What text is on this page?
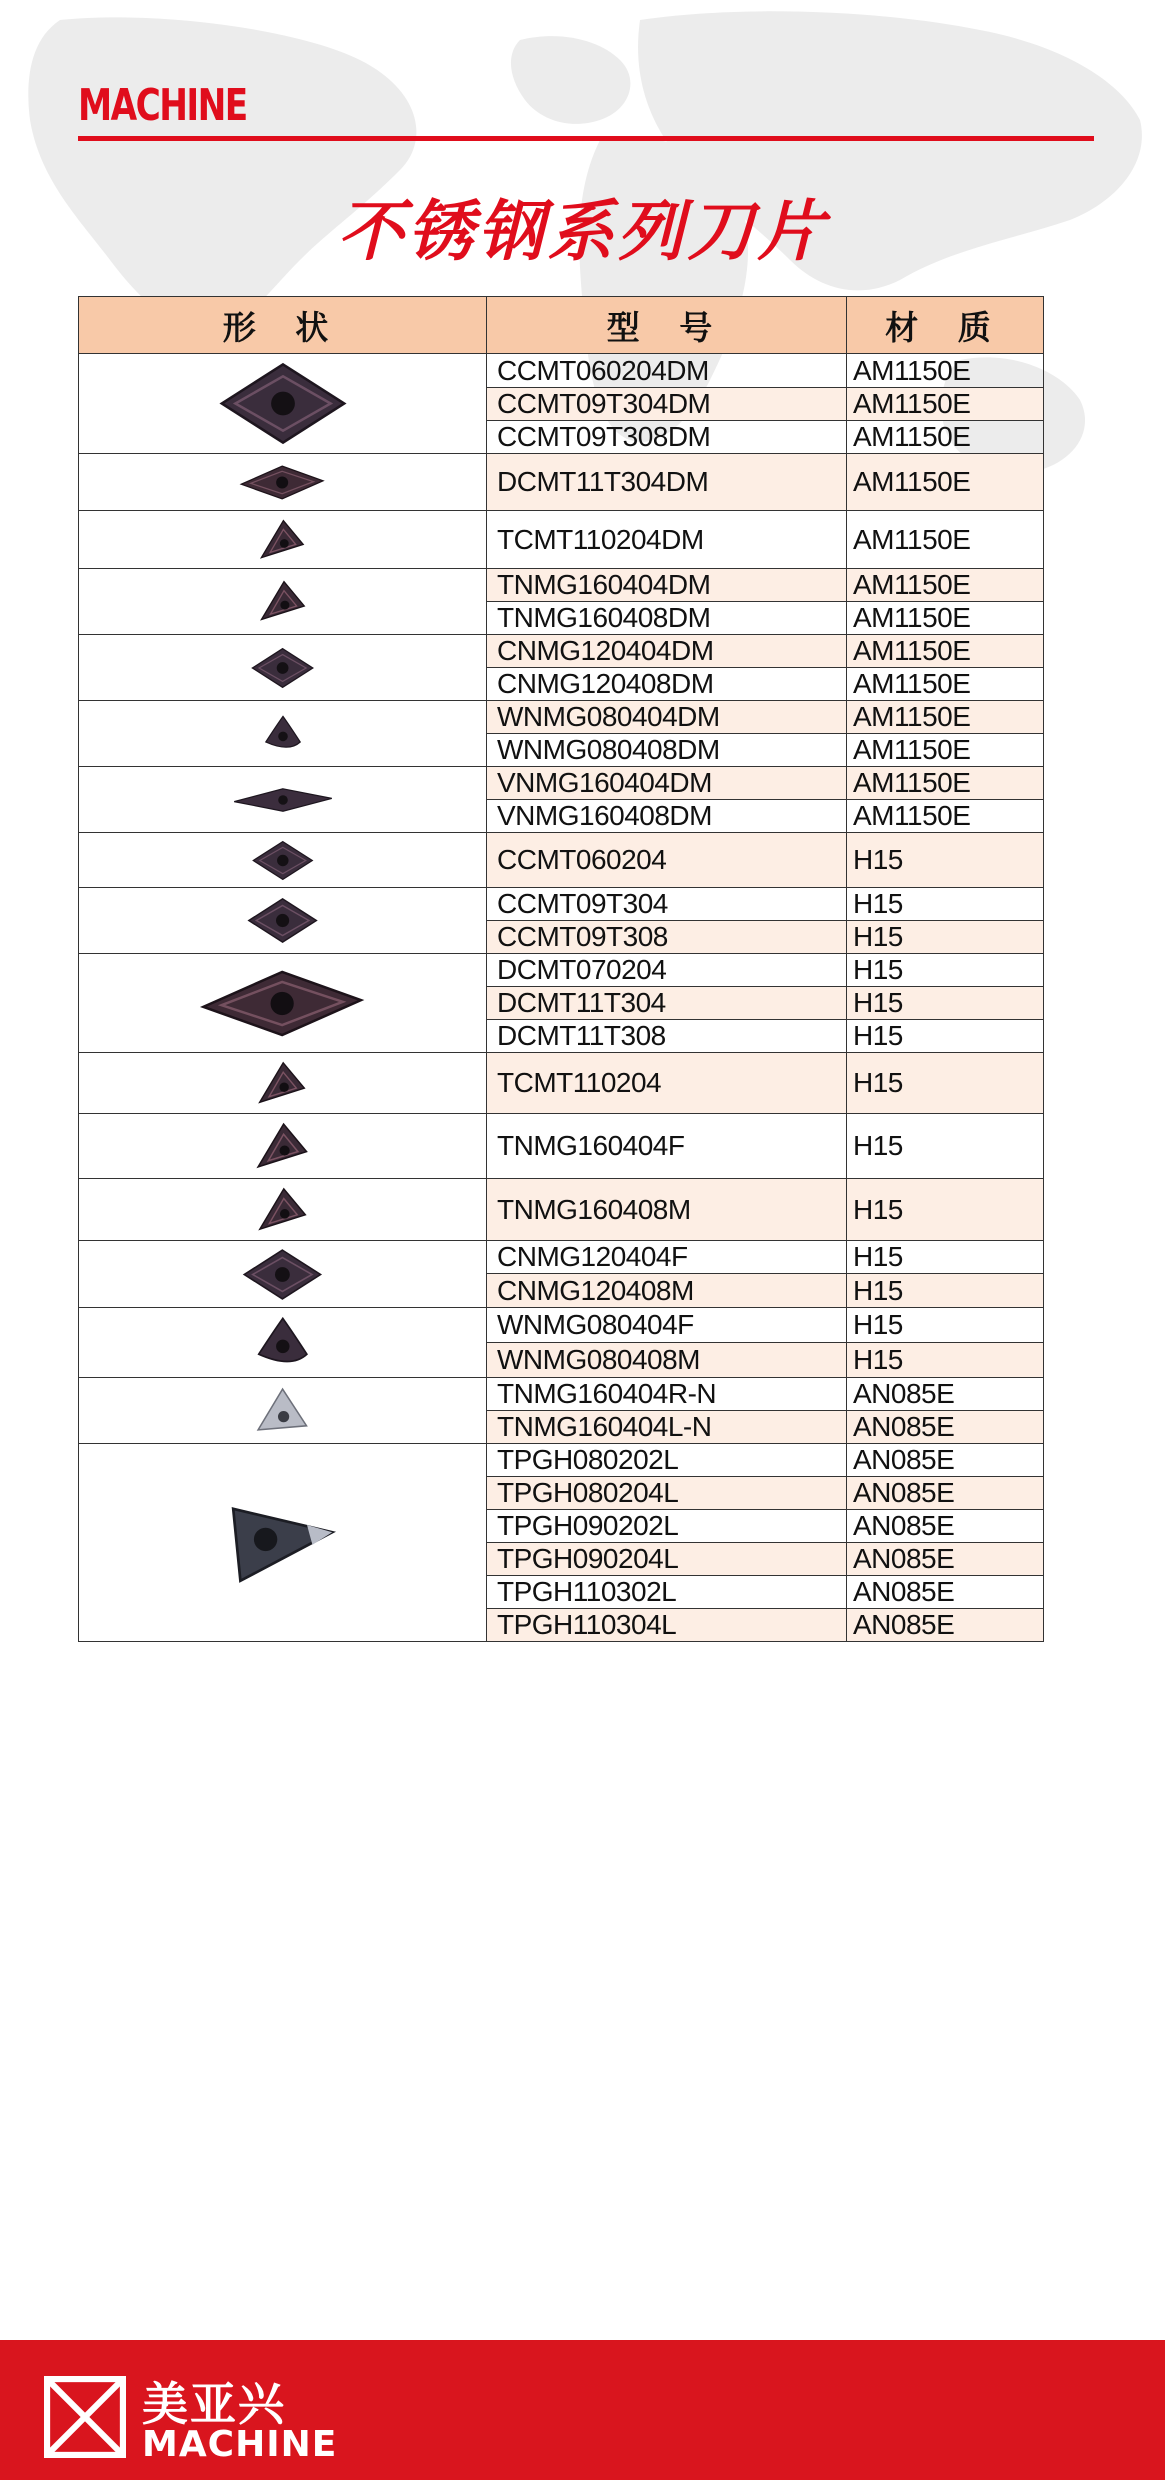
MACHINE
不锈钢系列刀片
形 状	型 号	材 质

	CCMT060204DM	AM1150E
	CCMT09T304DM	AM1150E
	CCMT09T308DM	AM1150E

	DCMT11T304DM	AM1150E

	TCMT110204DM	AM1150E

	TNMG160404DM	AM1150E
	TNMG160408DM	AM1150E

	CNMG120404DM	AM1150E
	CNMG120408DM	AM1150E

	WNMG080404DM	AM1150E
	WNMG080408DM	AM1150E

	VNMG160404DM	AM1150E
	VNMG160408DM	AM1150E

	CCMT060204	H15

	CCMT09T304	H15
	CCMT09T308	H15

	DCMT070204	H15
	DCMT11T304	H15
	DCMT11T308	H15

	TCMT110204	H15

	TNMG160404F	H15

	TNMG160408M	H15

	CNMG120404F	H15
	CNMG120408M	H15

	WNMG080404F	H15
	WNMG080408M	H15

	TNMG160404R-N	AN085E
	TNMG160404L-N	AN085E

	TPGH080202L	AN085E
	TPGH080204L	AN085E
	TPGH090202L	AN085E
	TPGH090204L	AN085E
	TPGH110302L	AN085E
	TPGH110304L	AN085E
美亚兴
MACHINE
